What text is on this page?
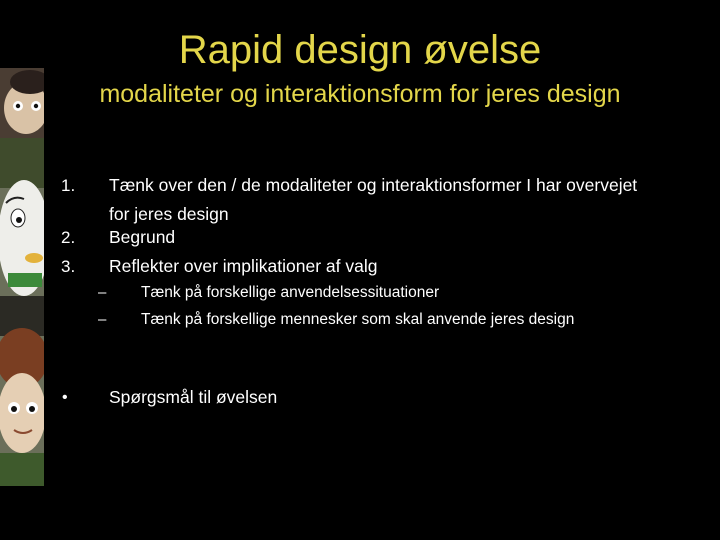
Rapid design øvelse
modaliteter og interaktionsform for jeres design
1. Tænk over den / de modaliteter og interaktionsformer I har overvejet for jeres design
2. Begrund
3. Reflekter over implikationer af valg
– Tænk på forskellige anvendelsessituationer
– Tænk på forskellige mennesker som skal anvende jeres design
• Spørgsmål til øvelsen
